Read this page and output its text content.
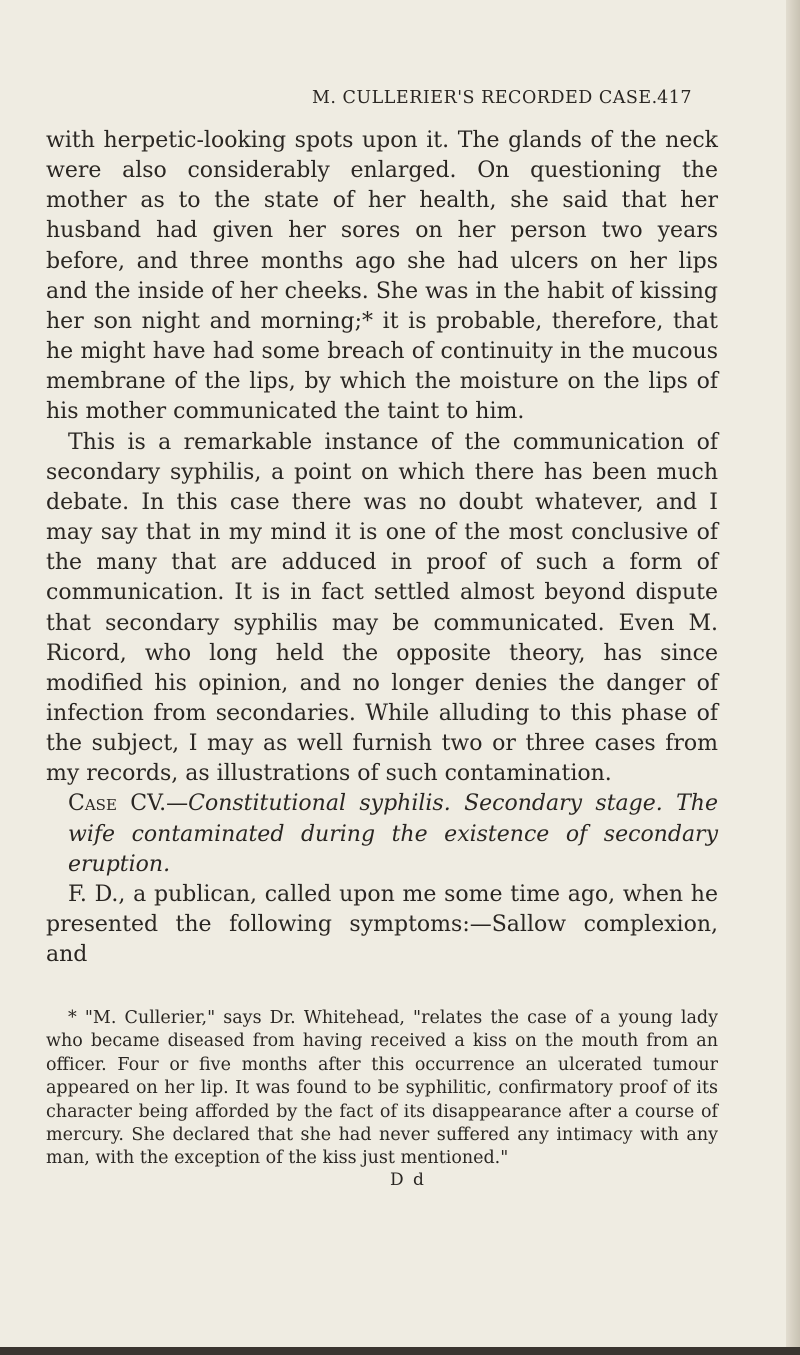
M. CULLERIER'S RECORDED CASE. 417

with herpetic-looking spots upon it. The glands of the neck were also considerably enlarged. On questioning the mother as to the state of her health, she said that her husband had given her sores on her person two years before, and three months ago she had ulcers on her lips and the inside of her cheeks. She was in the habit of kissing her son night and morning;* it is probable, therefore, that he might have had some breach of continuity in the mucous membrane of the lips, by which the moisture on the lips of his mother communicated the taint to him.

This is a remarkable instance of the communication of secondary syphilis, a point on which there has been much debate. In this case there was no doubt whatever, and I may say that in my mind it is one of the most conclusive of the many that are adduced in proof of such a form of communication. It is in fact settled almost beyond dispute that secondary syphilis may be communicated. Even M. Ricord, who long held the opposite theory, has since modified his opinion, and no longer denies the danger of infection from secondaries. While alluding to this phase of the subject, I may as well furnish two or three cases from my records, as illustrations of such contamination.

Case CV.—Constitutional syphilis. Secondary stage. The wife contaminated during the existence of secondary eruption.

F. D., a publican, called upon me some time ago, when he presented the following symptoms:—Sallow complexion, and

* "M. Cullerier," says Dr. Whitehead, "relates the case of a young lady who became diseased from having received a kiss on the mouth from an officer. Four or five months after this occurrence an ulcerated tumour appeared on her lip. It was found to be syphilitic, confirmatory proof of its character being afforded by the fact of its disappearance after a course of mercury. She declared that she had never suffered any intimacy with any man, with the exception of the kiss just mentioned."

D d
